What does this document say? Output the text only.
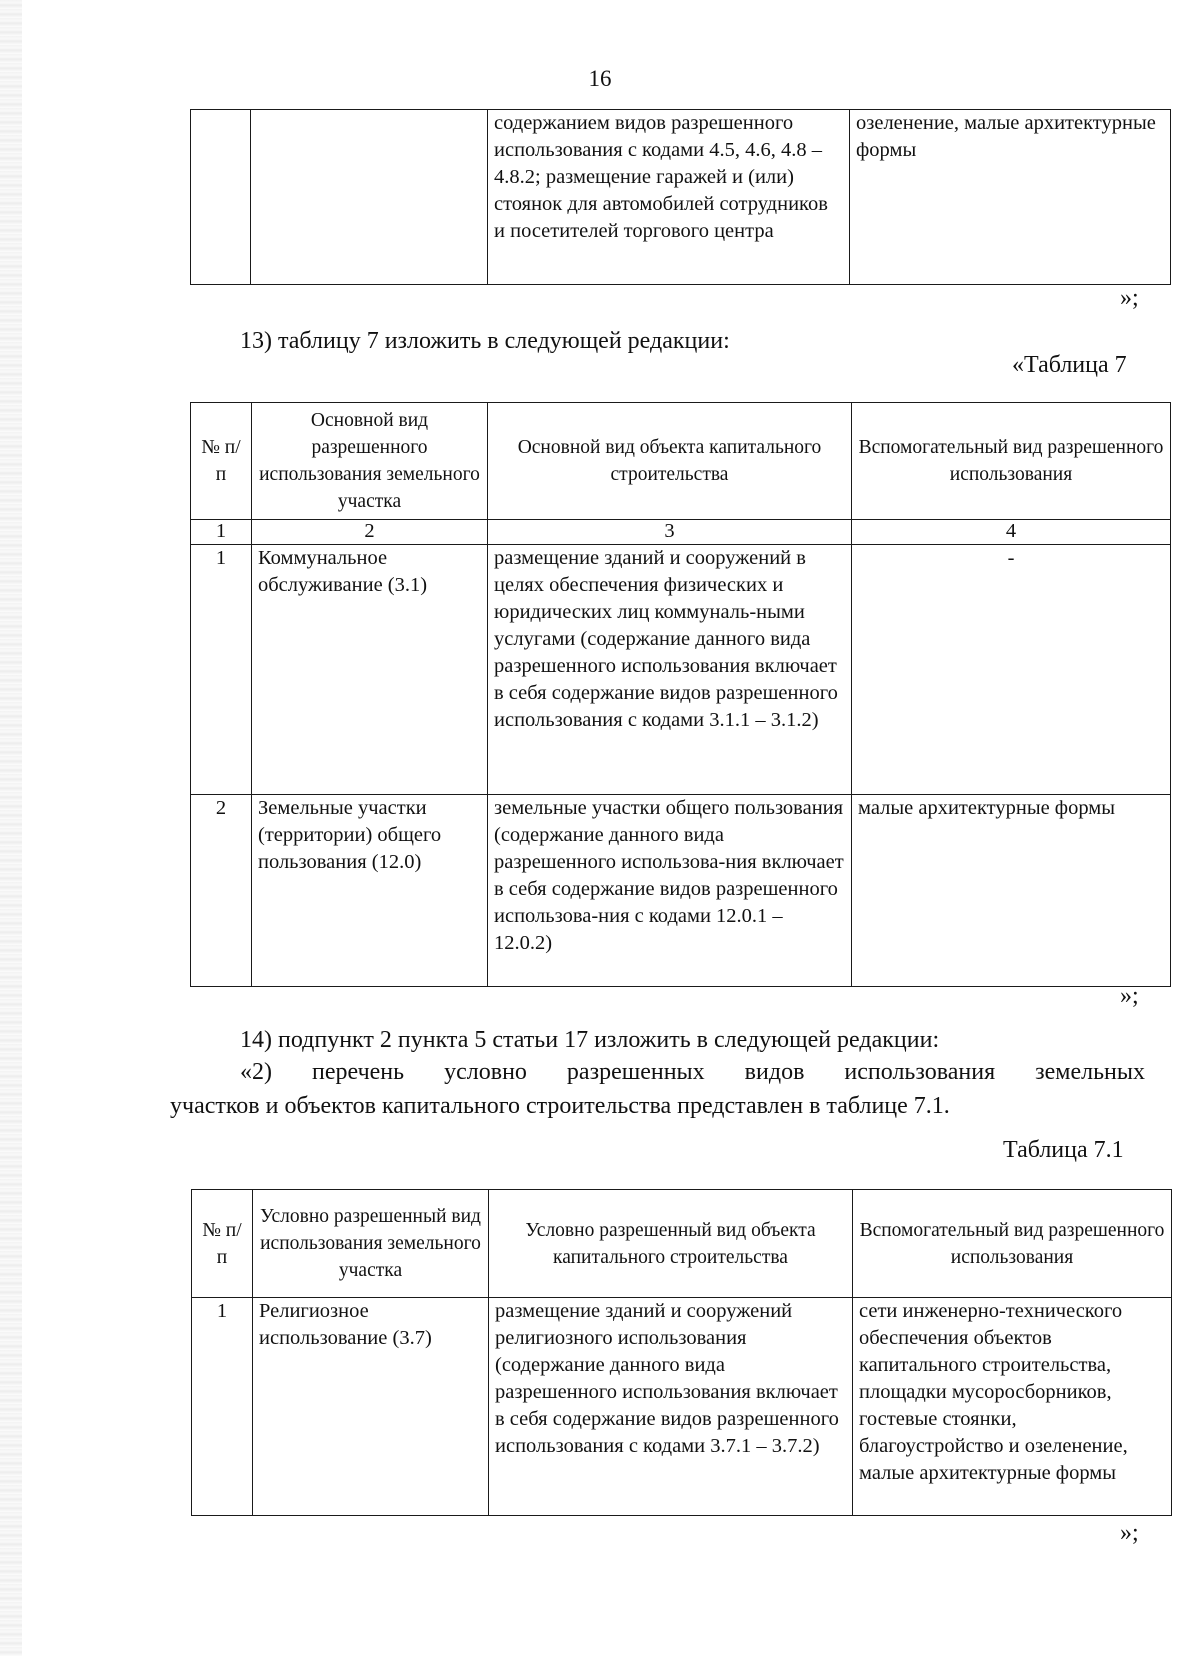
16
		содержанием видов разрешенного использования с кодами 4.5, 4.6, 4.8 – 4.8.2; размещение гаражей и (или) стоянок для автомобилей сотрудников и посетителей торгового центра	озеленение, малые архитектурные формы
»;
13) таблицу 7 изложить в следующей редакции:
«Таблица 7
№ п/п	Основной вид разрешенного использования земельного участка	Основной вид объекта капитального строительства	Вспомогательный вид разрешенного использования
1	2	3	4
1	Коммунальное обслуживание (3.1)	размещение зданий и сооружений в целях обеспечения физических и юридических лиц коммуналь-ными услугами (содержание данного вида разрешенного использования включает в себя содержание видов разрешенного использования с кодами 3.1.1 – 3.1.2)	-
2	Земельные участки (территории) общего пользования (12.0)	земельные участки общего пользования (содержание данного вида разрешенного использова-ния включает в себя содержание видов разрешенного использова-ния с кодами 12.0.1 – 12.0.2)	малые архитектурные формы
»;
14) подпункт 2 пункта 5 статьи 17 изложить в следующей редакции:
«2) перечень условно разрешенных видов использования земельных
участков и объектов капитального строительства представлен в таблице 7.1.
Таблица 7.1
№ п/п	Условно разрешенный вид использования земельного участка	Условно разрешенный вид объекта капитального строительства	Вспомогательный вид разрешенного использования
1	Религиозное использование (3.7)	размещение зданий и сооружений религиозного использования (содержание данного вида разрешенного использования включает в себя содержание видов разрешенного использования с кодами 3.7.1 – 3.7.2)	сети инженерно-технического обеспечения объектов капитального строительства, площадки мусоросборников, гостевые стоянки, благоустройство и озеленение, малые архитектурные формы
»;
